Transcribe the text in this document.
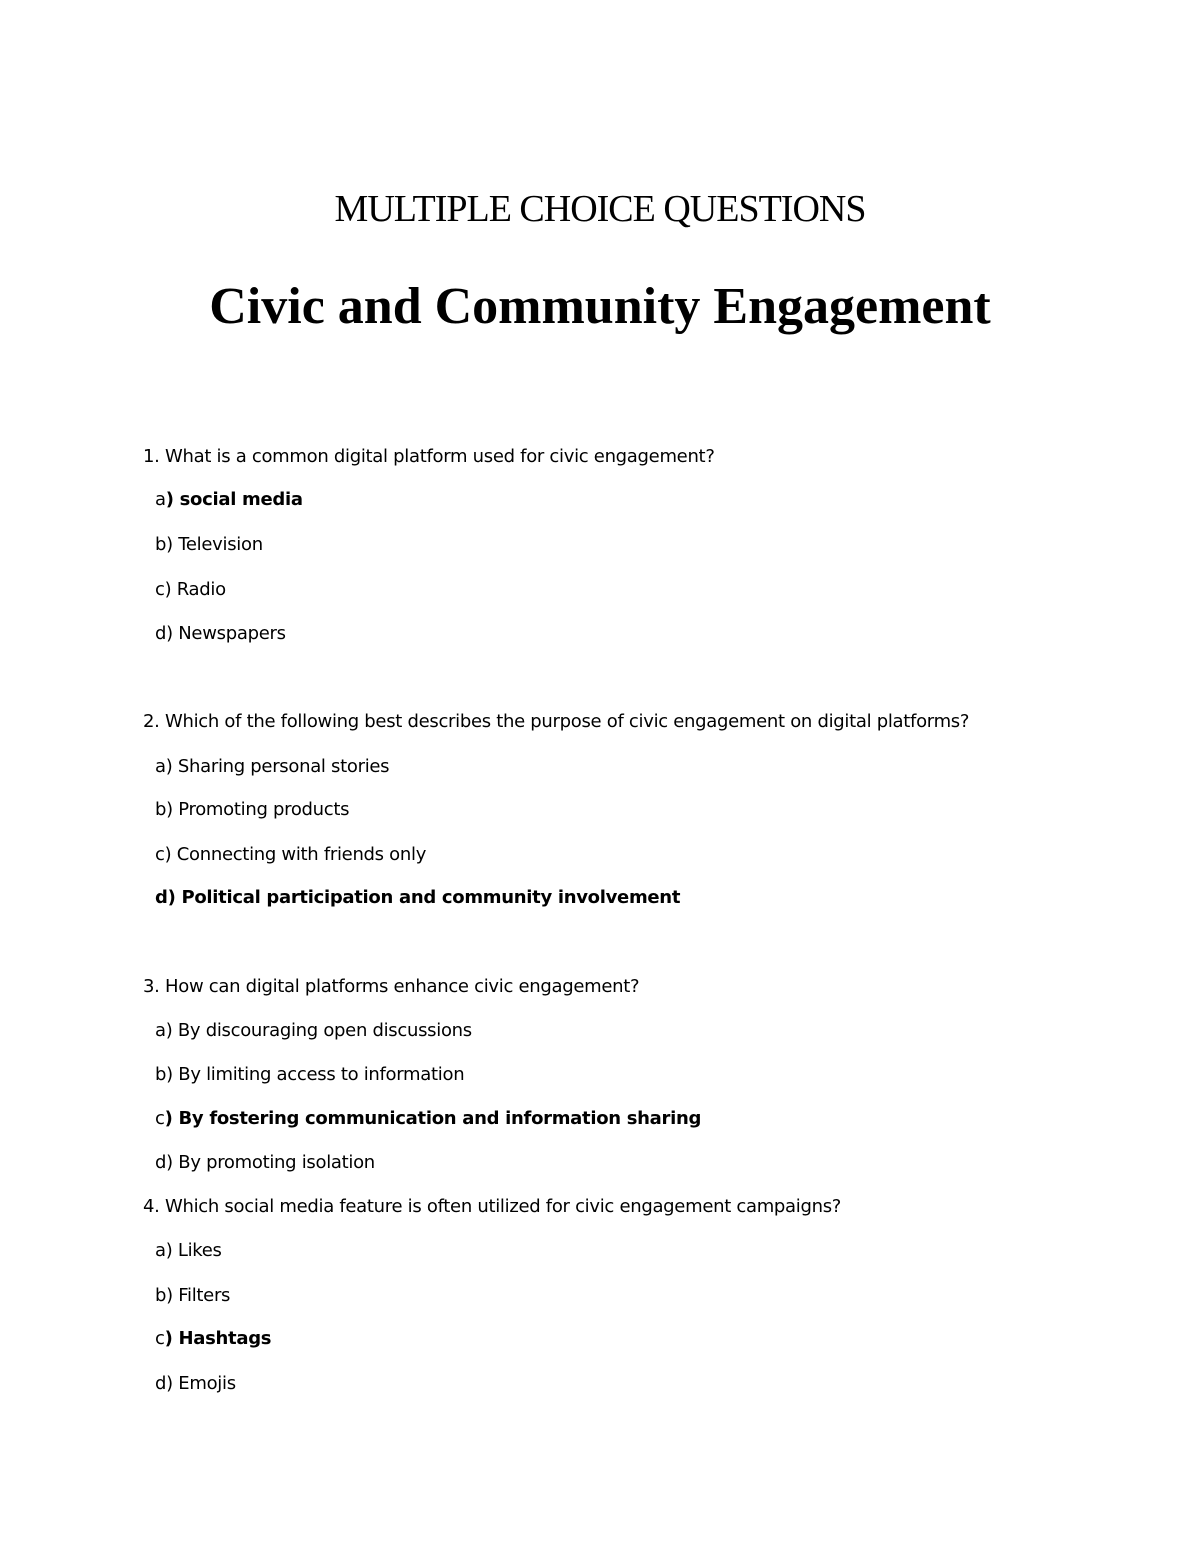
MULTIPLE CHOICE QUESTIONS
Civic and Community Engagement
1. What is a common digital platform used for civic engagement?
a) social media
b) Television
c) Radio
d) Newspapers
2. Which of the following best describes the purpose of civic engagement on digital platforms?
a) Sharing personal stories
b) Promoting products
c) Connecting with friends only
d) Political participation and community involvement
3. How can digital platforms enhance civic engagement?
a) By discouraging open discussions
b) By limiting access to information
c) By fostering communication and information sharing
d) By promoting isolation
4. Which social media feature is often utilized for civic engagement campaigns?
a) Likes
b) Filters
c) Hashtags
d) Emojis
